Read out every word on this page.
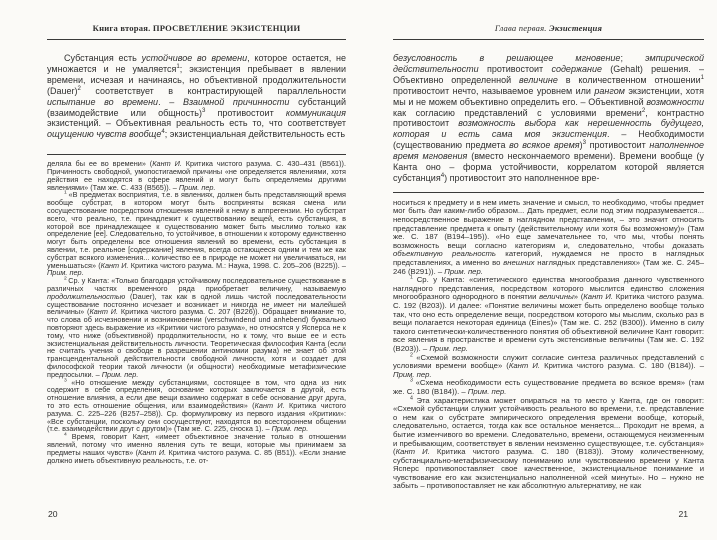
Книга вторая. ПРОСВЕТЛЕНИЕ ЭКЗИСТЕНЦИИ

Субстанция есть устойчивое во времени, которое остается, не умножается и не умаляется$^1$; экзистенция пребывает в явлении времени, исчезая и начинаясь, но объективной продолжительности (Dauer)$^2$ соответствует в контрастирующей параллельности испытание во времени. – Взаимной причинности субстанций (взаимодействие или общность)$^3$ противостоит коммуникация экзистенций. – Объективная реальность есть то, что соответствует ощущению чувств вообще$^4$; экзистенциальная действительность есть

деляла бы ее во времени» (Кант И. Критика чистого разума. С. 430–431 (B561)). Причинность свободной, умопостигаемой причины «не определяется явлениями, хотя действия ее находятся в сфере явлений и могут быть определяемы другими явлениями» (Там же. С. 433 (B565)). – Прим. пер.

$^1$ «В предметах восприятия, т.е. в явлениях, должен быть представляющий время вообще субстрат, в котором могут быть восприняты всякая смена или сосуществование посредством отношения явлений к нему в аппрегензии. Но субстрат всего, что реально, т.е. принадлежит к существованию вещей, есть субстанция, в которой все принадлежащее к существованию может быть мыслимо только как определение [ее]. Следовательно, то устойчивое, в отношении к которому единственно могут быть определены все отношения явлений во времени, есть субстанция в явлении, т.е. реальное [содержание] явления, всегда остающееся одним и тем же как субстрат всякого изменения... количество ее в природе не может ни увеличиваться, ни уменьшаться» (Кант И. Критика чистого разума. М.: Наука, 1998. С. 205–206 (B225)). – Прим. пер.

$^2$ Ср. у Канта: «Только благодаря устойчивому последовательное существование в различных частях временного ряда приобретает величину, называемую продолжительностью (Dauer), так как в одной лишь чистой последовательности существование постоянно исчезает и возникает и никогда не имеет ни малейшей величины» (Кант И. Критика чистого разума. С. 207 (B226)). Обращает внимание то, что слова об исчезновении и возникновении (verschwindend und anhebend) буквально повторяют здесь выражение из «Критики чистого разума», но относятся у Ясперса не к тому, что ниже (объективной) продолжительности, но к тому, что выше ее и есть экзистенциальная действительность личности. Теоретическая философия Канта (если не считать учения о свободе в разрешении антиномии разума) не знает об этой трансцендентальной действительности свободной личности, хотя и создает для философской теории такой личности (и общности) необходимые метафизические предпосылки. – Прим. пер.

$^3$ «Но отношение между субстанциями, состоящее в том, что одна из них содержит в себе определения, основание которых заключается в другой, есть отношение влияния, а если две вещи взаимно содержат в себе основание друг друга, то это есть отношение общения, или взаимодействия» (Кант И. Критика чистого разума. С. 225–226 (B257–258)). Ср. формулировку из первого издания «Критики»: «Все субстанции, поскольку они сосуществуют, находятся во всестороннем общении (т.е. взаимодействии друг с другом)» (Там же. С. 225, сноска 1). – Прим. пер.

$^4$ Время, говорит Кант, «имеет объективное значение только в отношении явлений, потому что именно явления суть те вещи, которые мы принимаем за предметы наших чувств» (Кант И. Критика чистого разума. С. 85 (B51)). «Если знание должно иметь объективную реальность, т.е. от-

20
Глава первая. Экзистенция

безусловность в решающее мгновение; эмпирической действительности противостоит содержание (Gehalt) решения. – Объективно определенной величине в количественном отношении$^1$ противостоит нечто, называемое уровнем или рангом экзистенции, хотя мы и не можем объективно определить его. – Объективной возможности как согласию представлений с условиями времени$^2$, контрастно противостоит возможность выбора как нерешенность будущего, которая и есть сама моя экзистенция. – Необходимости (существованию предмета во всякое время)$^3$ противостоит наполненное время мгновения (вместо нескончаемого времени). Времени вообще (у Канта оно – форма устойчивости, коррелатом которой является субстанция$^4$) противостоит это наполненное вре-

носиться к предмету и в нем иметь значение и смысл, то необходимо, чтобы предмет мог быть дан каким-либо образом... Дать предмет, если под этим подразумевается... непосредственное выражение в наглядном представлении, – это значит относить представление предмета к опыту (действительному или хотя бы возможному)» (Там же. С. 187 (B194–195)). «Но еще замечательнее то, что мы, чтобы понять возможность вещи согласно категориям и, следовательно, чтобы доказать объективную реальность категорий, нуждаемся не просто в наглядных представлениях, а именно во внешних наглядных представлениях» (Там же. С. 245–246 (B291)). – Прим. пер.

$^1$ Ср. у Канта: «синтетического единства многообразия данного чувственного наглядного представления, посредством которого мыслится единство сложения многообразного однородного в понятии величины» (Кант И. Критика чистого разума. С. 192 (B203)). И далее: «Понятие величины может быть определено вообще только так, что оно есть определение вещи, посредством которого мы мыслим, сколько раз в вещи полагается некоторая единица (Eines)» (Там же. С. 252 (B300)). Именно в силу такого синтетически-количественного понятия об объективной величине Кант говорит: все явления в пространстве и времени суть экстенсивные величины (Там же. С. 192 (B203)). – Прим. пер.

$^2$ «Схемой возможности служит согласие синтеза различных представлений с условиями времени вообще» (Кант И. Критика чистого разума. С. 180 (B184)). – Прим. пер.

$^3$ «Схема необходимости есть существование предмета во всякое время» (там же. С. 180 (B184)). – Прим. пер.

$^4$ Эта характеристика может опираться на то место у Канта, где он говорит: «Схемой субстанции служит устойчивость реального во времени, т.е. представление о нем как о субстрате эмпирического определения времени вообще, который, следовательно, остается, тогда как все остальное меняется... Проходит не время, а бытие изменчивого во времени. Следовательно, времени, остающемуся неизменным и пребывающим, соответствует в явлении неизменно существующее, т.е. субстанция» (Кант И. Критика чистого разума. С. 180 (B183)). Этому количественному, субстанциально-метафизическому пониманию или чувствованию времени у Канта Ясперс противопоставляет свое качественное, экзистенциальное понимание и чувствование его как экзистенциально наполненной «сей минуты». Но – нужно не забыть – противопоставляет не как абсолютную альтернативу, не как

21
